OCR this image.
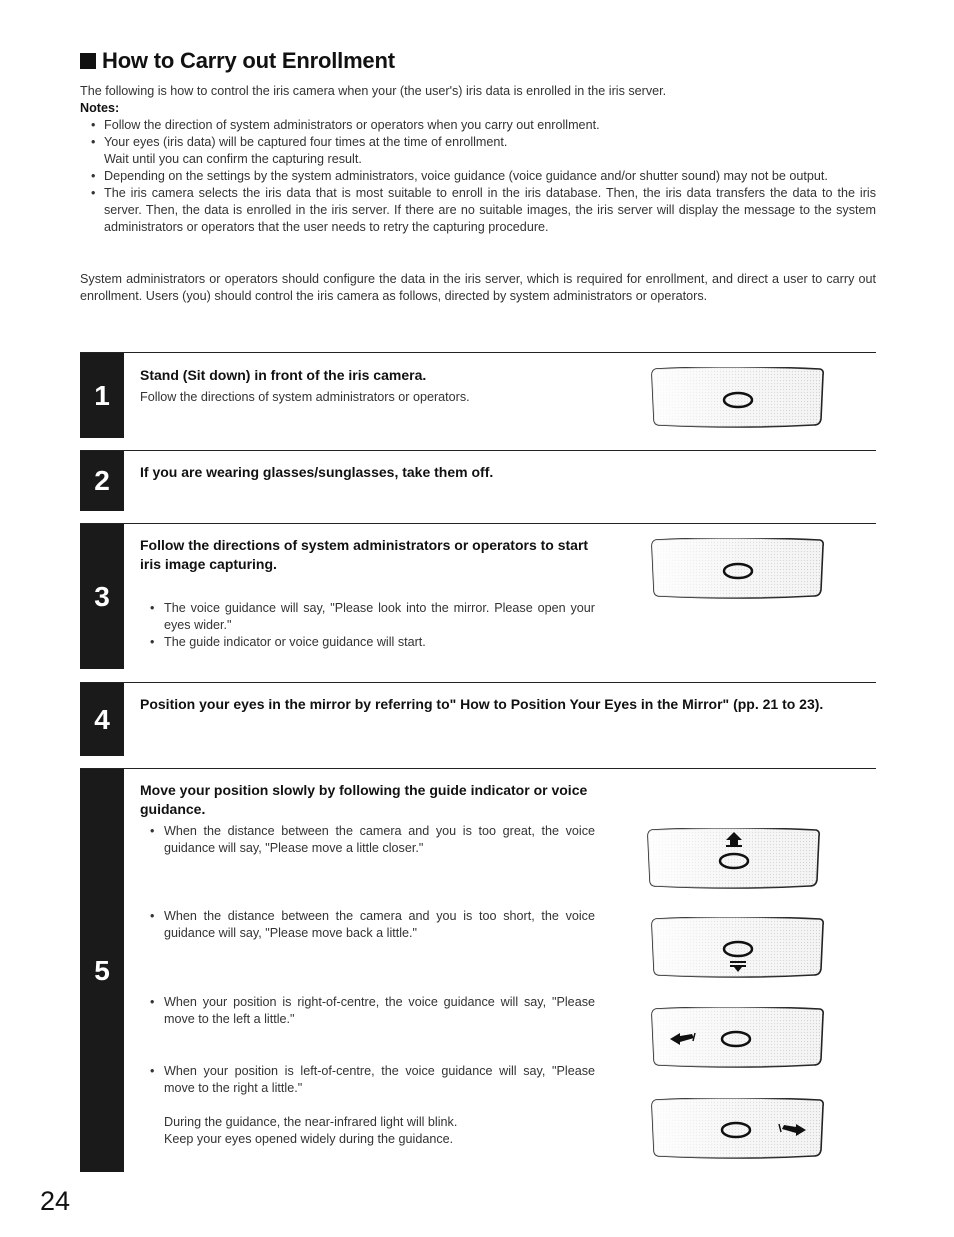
How to Carry out Enrollment
The following is how to control the iris camera when your (the user's) iris data is enrolled in the iris server.
Notes:
• Follow the direction of system administrators or operators when you carry out enrollment.
• Your eyes (iris data) will be captured four times at the time of enrollment.
Wait until you can confirm the capturing result.
• Depending on the settings by the system administrators, voice guidance (voice guidance and/or shutter sound) may not be output.
• The iris camera selects the iris data that is most suitable to enroll in the iris database. Then, the iris data transfers the data to the iris server. Then, the data is enrolled in the iris server. If there are no suitable images, the iris server will display the message to the system administrators or operators that the user needs to retry the capturing procedure.
System administrators or operators should configure the data in the iris server, which is required for enrollment, and direct a user to carry out enrollment. Users (you) should control the iris camera as follows, directed by system administrators or operators.
1
Stand (Sit down) in front of the iris camera.
Follow the directions of system administrators or operators.
2	If you are wearing glasses/sunglasses, take them off.
3
Follow the directions of system administrators or operators to start iris image capturing.
• The voice guidance will say, "Please look into the mirror. Please open your eyes wider."
• The guide indicator or voice guidance will start.
4	Position your eyes in the mirror by referring to" How to Position Your Eyes in the Mirror" (pp. 21 to 23).
5
Move your position slowly by following the guide indicator or voice guidance.
• When the distance between the camera and you is too great, the voice guidance will say, "Please move a little closer."
• When the distance between the camera and you is too short, the voice guidance will say, "Please move back a little."
• When your position is right-of-centre, the voice guidance will say, "Please move to the left a little."
• When your position is left-of-centre, the voice guidance will say, "Please move to the right a little."
During the guidance, the near-infrared light will blink.
Keep your eyes opened widely during the guidance.
24
